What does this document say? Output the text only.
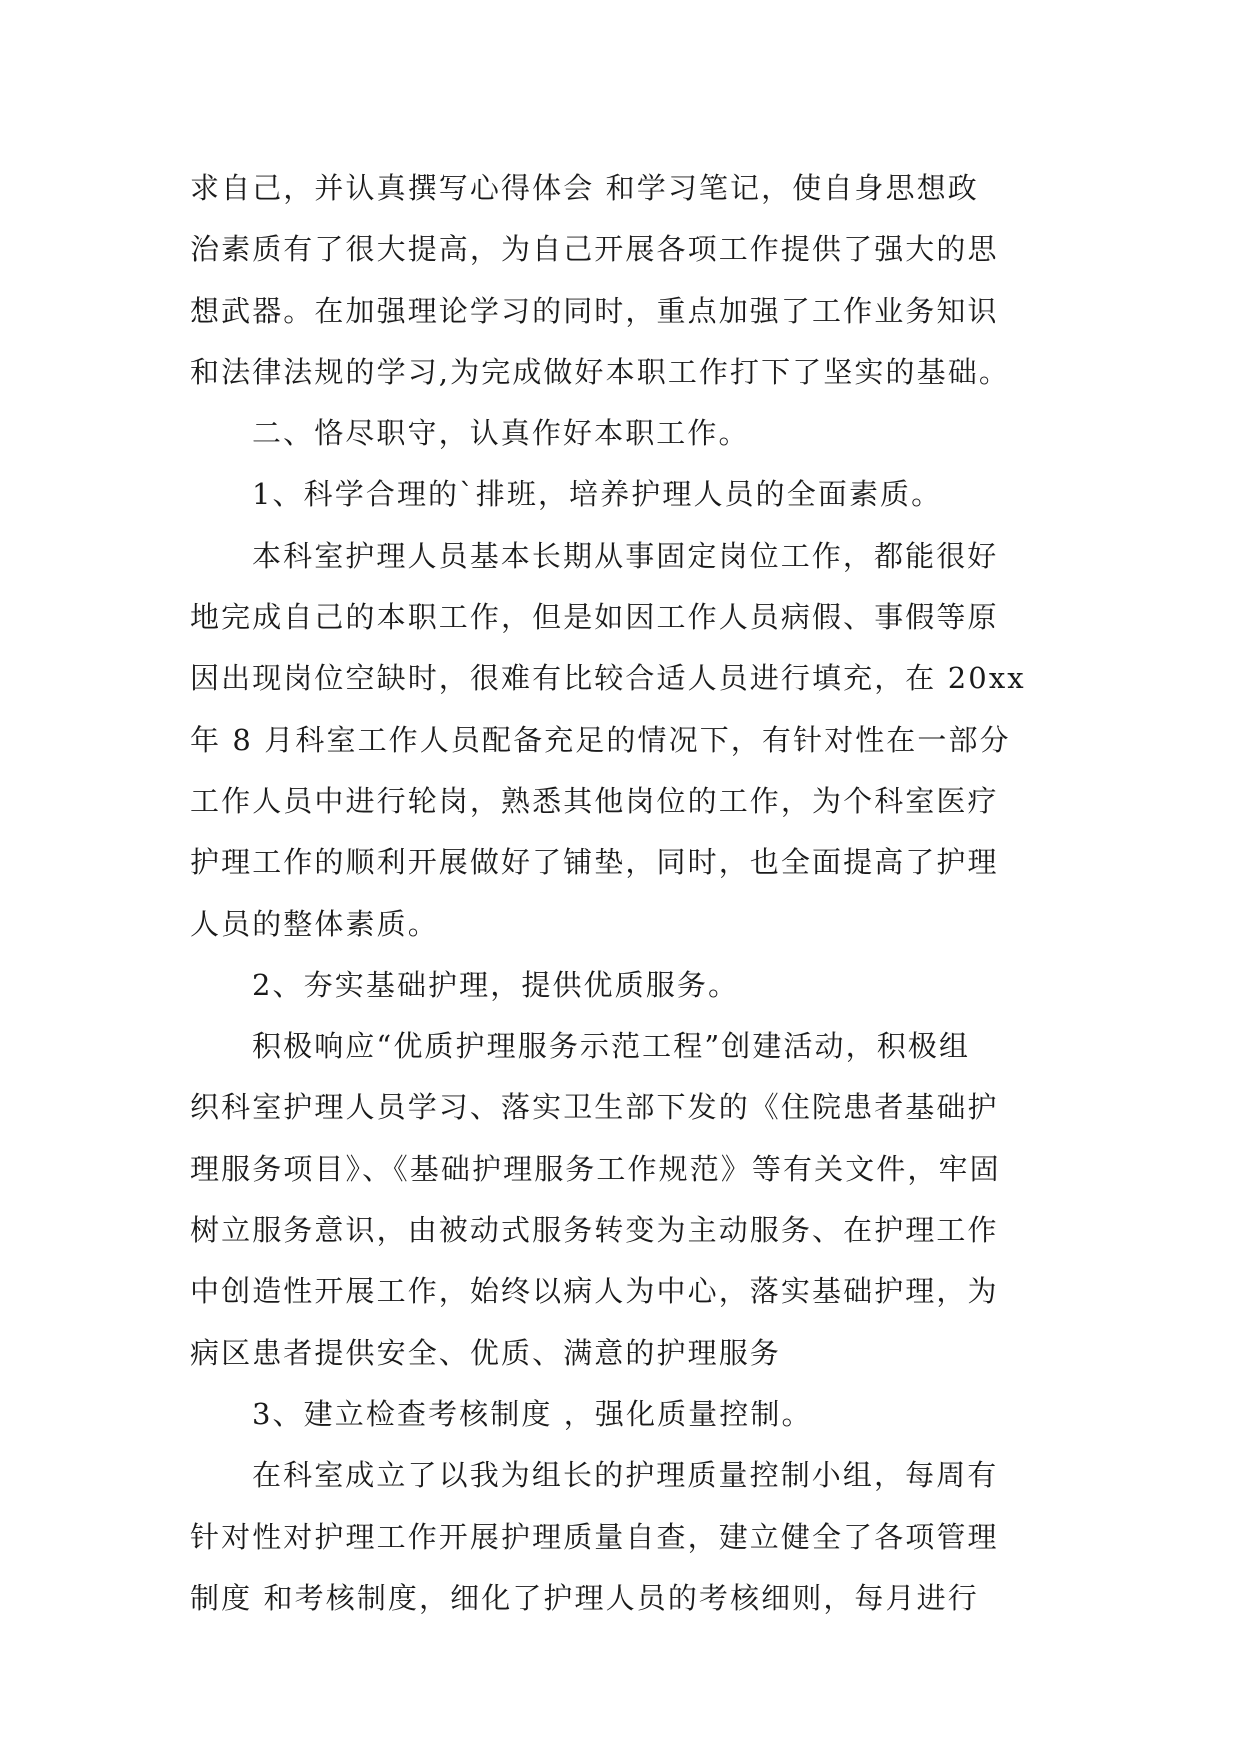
求自己，并认真撰写心得体会 和学习笔记，使自身思想政
治素质有了很大提高，为自己开展各项工作提供了强大的思
想武器。在加强理论学习的同时，重点加强了工作业务知识
和法律法规的学习,为完成做好本职工作打下了坚实的基础。
二、恪尽职守，认真作好本职工作。
1、科学合理的`排班，培养护理人员的全面素质。
本科室护理人员基本长期从事固定岗位工作，都能很好
地完成自己的本职工作，但是如因工作人员病假、事假等原
因出现岗位空缺时，很难有比较合适人员进行填充，在 20xx
年 8 月科室工作人员配备充足的情况下，有针对性在一部分
工作人员中进行轮岗，熟悉其他岗位的工作，为个科室医疗
护理工作的顺利开展做好了铺垫，同时，也全面提高了护理
人员的整体素质。
2、夯实基础护理，提供优质服务。
积极响应“优质护理服务示范工程”创建活动，积极组
织科室护理人员学习、落实卫生部下发的《住院患者基础护
理服务项目》、《基础护理服务工作规范》等有关文件，牢固
树立服务意识，由被动式服务转变为主动服务、在护理工作
中创造性开展工作，始终以病人为中心，落实基础护理，为
病区患者提供安全、优质、满意的护理服务
3、建立检查考核制度 ，强化质量控制。
在科室成立了以我为组长的护理质量控制小组，每周有
针对性对护理工作开展护理质量自查，建立健全了各项管理
制度 和考核制度，细化了护理人员的考核细则，每月进行
